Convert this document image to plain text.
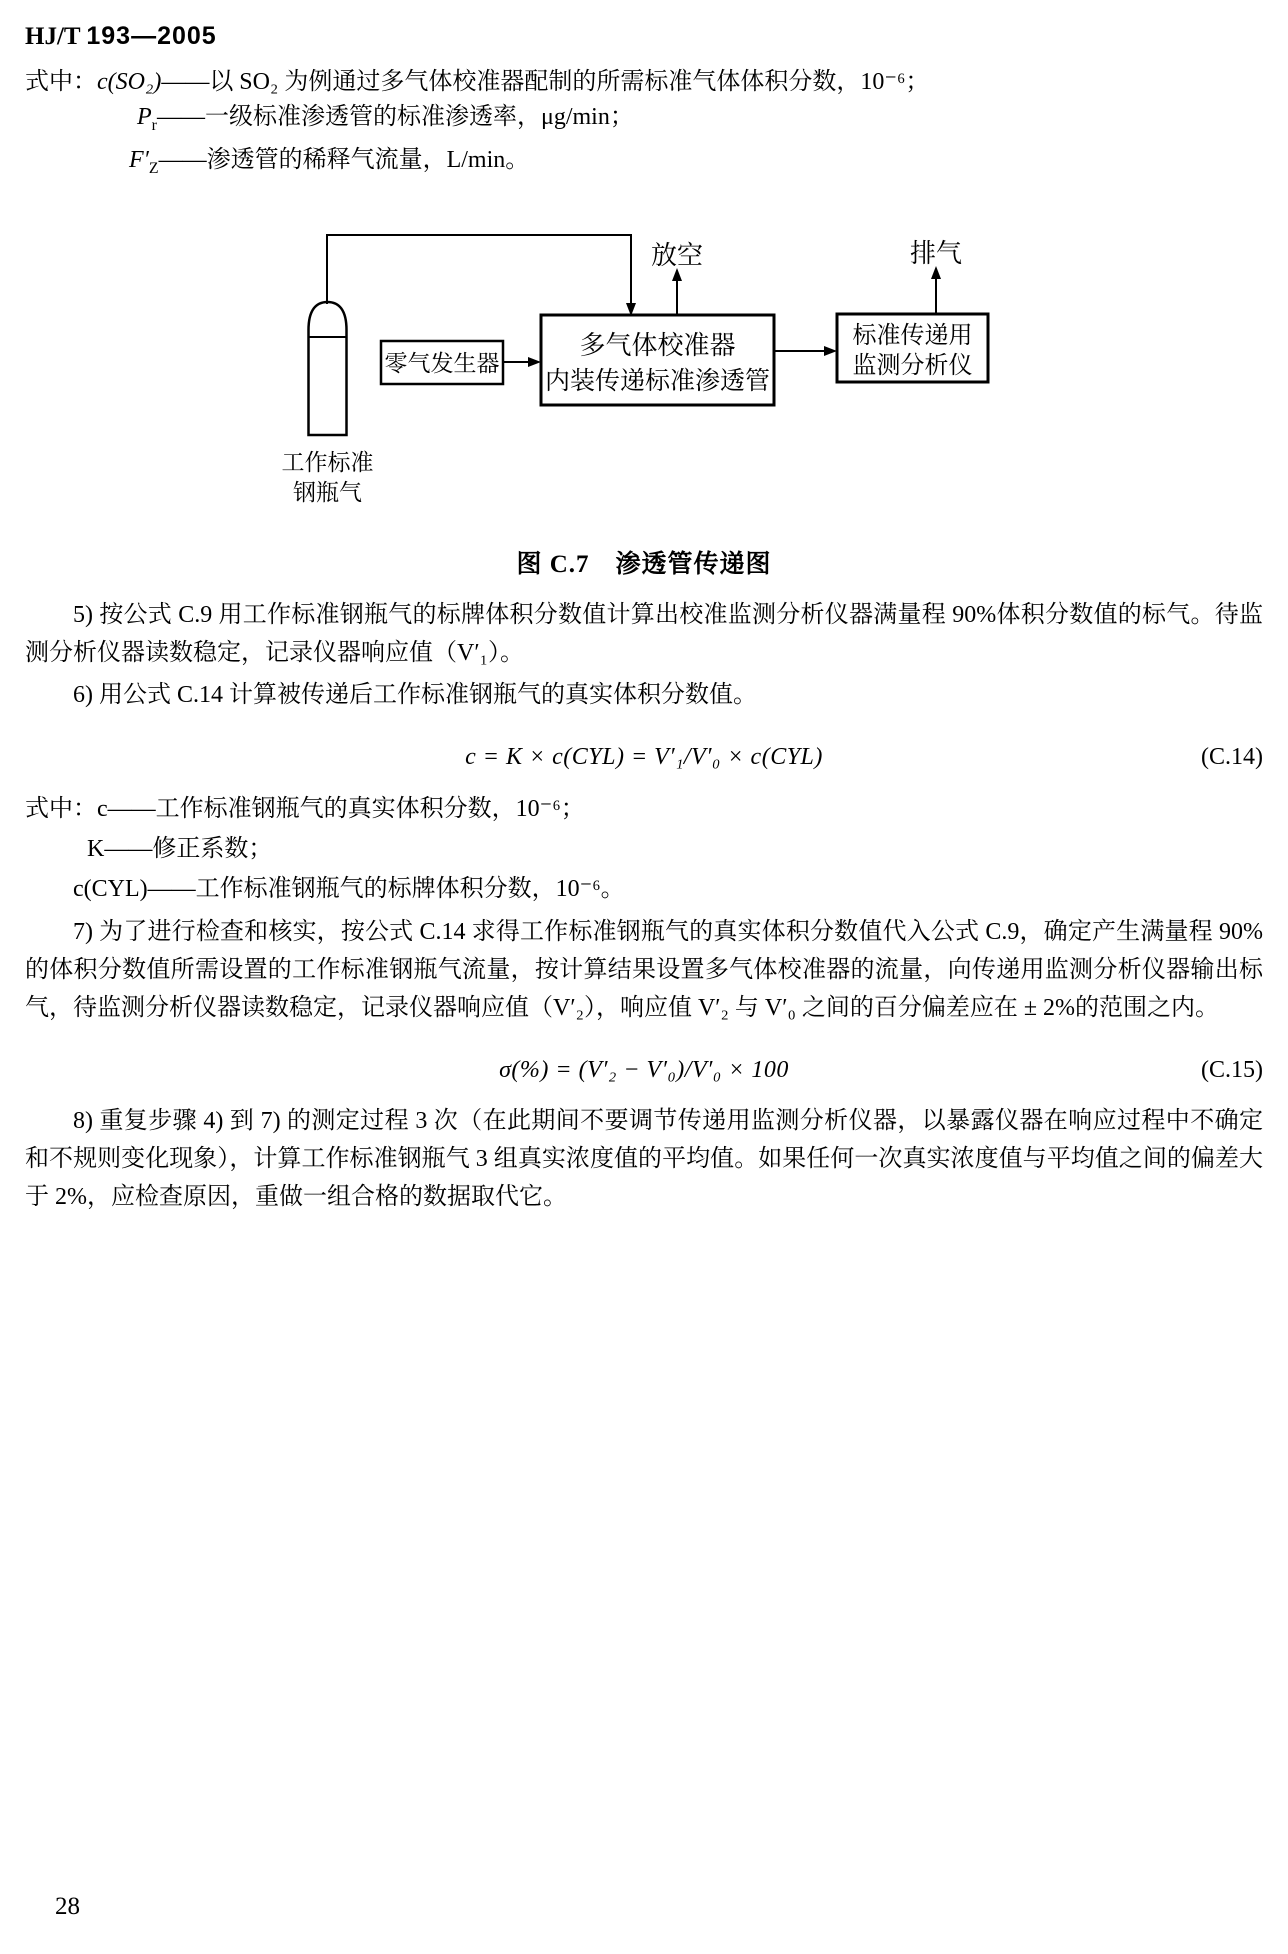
HJ/T 193—2005
式中：c(SO₂)——以 SO₂ 为例通过多气体校准器配制的所需标准气体体积分数，10⁻⁶；
$P_r——$一级标准渗透管的标准渗透率，μg/min；
$F'_Z——$渗透管的稀释气流量，L/min。
工作标准
钢瓶气
零气发生器
多气体校准器
内装传递标准渗透管
放空
标准传递用
监测分析仪
排气
图 C.7　渗透管传递图

5) 按公式 C.9 用工作标准钢瓶气的标牌体积分数值计算出校准监测分析仪器满量程 90%体积分数值的标气。待监测分析仪器读数稳定，记录仪器响应值（V′₁）。

6) 用公式 C.14 计算被传递后工作标准钢瓶气的真实体积分数值。

c = K × c(CYL) = V′₁/V′₀ × c(CYL)	(C.14)
式中：c——工作标准钢瓶气的真实体积分数，10⁻⁶；
K——修正系数；
c(CYL)——工作标准钢瓶气的标牌体积分数，10⁻⁶。

7) 为了进行检查和核实，按公式 C.14 求得工作标准钢瓶气的真实体积分数值代入公式 C.9，确定产生满量程 90%的体积分数值所需设置的工作标准钢瓶气流量，按计算结果设置多气体校准器的流量，向传递用监测分析仪器输出标气，待监测分析仪器读数稳定，记录仪器响应值（V′₂），响应值 V′₂ 与 V′₀ 之间的百分偏差应在 ± 2%的范围之内。

σ(%) = (V′₂ − V′₀)/V′₀ × 100	(C.15)

8) 重复步骤 4) 到 7) 的测定过程 3 次（在此期间不要调节传递用监测分析仪器，以暴露仪器在响应过程中不确定和不规则变化现象），计算工作标准钢瓶气 3 组真实浓度值的平均值。如果任何一次真实浓度值与平均值之间的偏差大于 2%，应检查原因，重做一组合格的数据取代它。

28
